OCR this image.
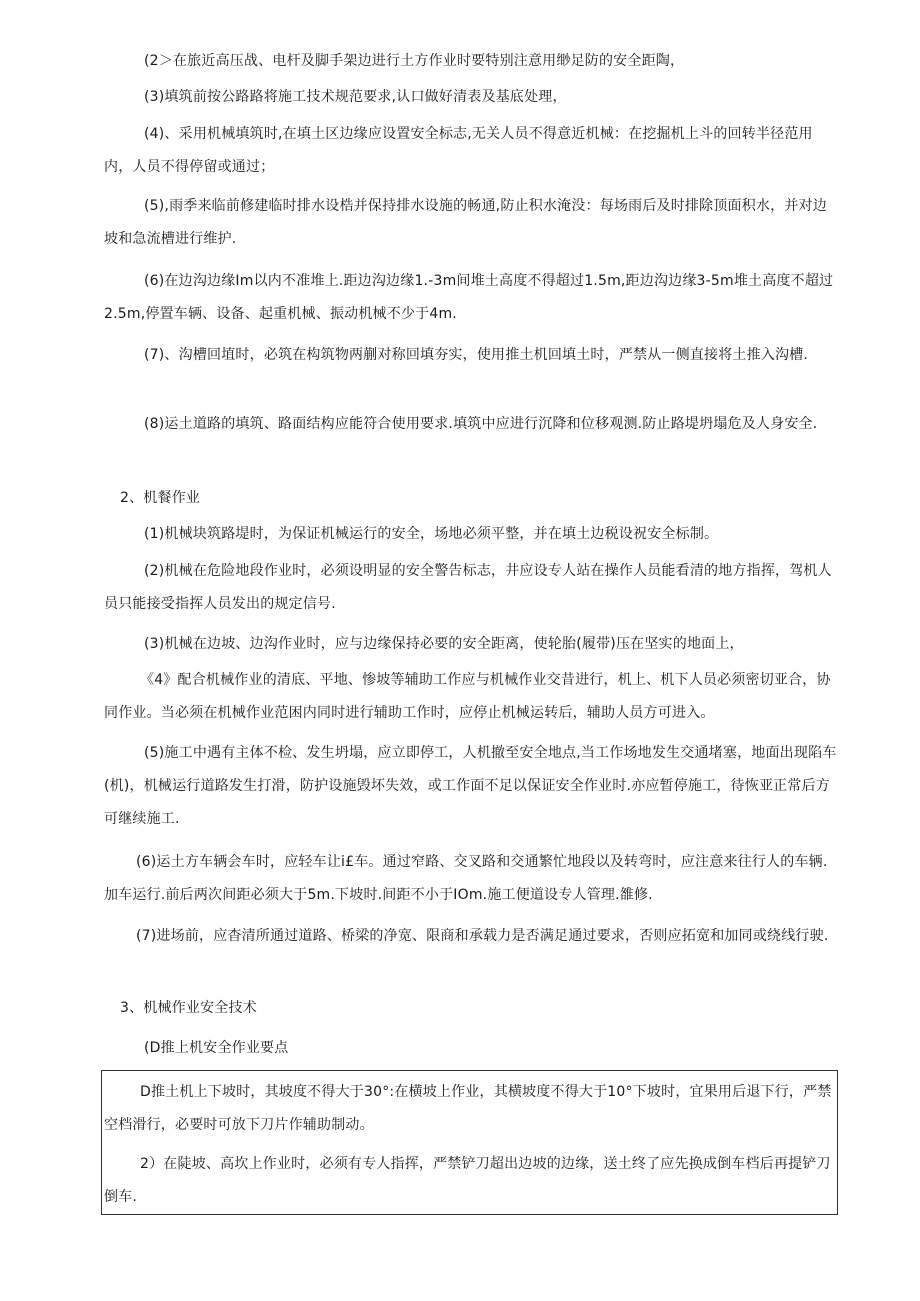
(2＞在旅近高压战、电杆及脚手架边进行土方作业时要特别注意用缈足防的安全距陶，

(3)填筑前按公路路将施工技术规范要求,认口做好清表及基底处理，

(4)、采用机械填筑时,在填土区边缘应设置安全标志,无关人员不得意近机械：在挖掘机上斗的回转半径范用内，人员不得停留或通过；

(5),雨季来临前修建临时排水设梏并保持排水设施的畅通,防止积水淹没：每场雨后及时排除顶面积水，并对边坡和急流槽进行维护.

(6)在边沟边缘Im以内不准堆上.距边沟边缘1.-3m间堆土高度不得超过1.5m,距边沟边缘3-5m堆土高度不超过2.5m,停置车辆、设备、起重机械、振动机械不少于4m.

(7)、沟槽回埴时，必筑在构筑物两蒯对称回填夯实，使用推土机回填土时，严禁从一侧直接将土推入沟槽.

(8)运土道路的填筑、路面结构应能符合使用要求.填筑中应进行沉降和位移观测.防止路堤坍塌危及人身安全.

2、机餐作业

(1)机械块筑路堤时，为保证机械运行的安全，场地必须平整，并在填土边税设祝安全标制。

(2)机械在危险地段作业时，必须设明显的安全警告标志，井应设专人站在操作人员能看清的地方指挥，驾机人员只能接受指挥人员发出的规定信号.

(3)机械在边坡、边沟作业时，应与边缘保持必要的安全距离，使轮胎(履带)压在坚实的地面上，

《4》配合机械作业的清底、平地、惨坡等辅助工作应与机械作业交昔进行，机上、机下人员必须密切亚合，协同作业。当必须在机械作业范困内同时进行辅助工作时，应停止机械运转后，辅助人员方可进入。

(5)施工中遇有主体不检、发生坍塌，应立即停工，人机撤至安全地点,当工作场地发生交通堵塞，地面出现陷车(机)，机械运行道路发生打滑，防护设施毁坏失效，或工作面不足以保证安全作业时.亦应暂停施工，待恢亚正常后方可继续施工.

(6)运土方车辆会车时，应轻车让i£车。通过窄路、交叉路和交通繁忙地段以及转弯时，应注意来往行人的车辆.加车运行.前后两次间距必须大于5m.下坡时.间距不小于IOm.施工便道设专人管理.雒修.

(7)进场前，应杳清所通过道路、桥梁的净宽、限商和承载力是否满足通过要求，否则应拓宽和加同或绕线行驶.

3、机械作业安全技术

(D推上机安全作业要点

D推土机上下坡时，其坡度不得大于30°:在横坡上作业，其横坡度不得大于10°下坡时，宜果用后退下行，严禁空档滑行，必要时可放下刀片作辅助制动。

2）在陡坡、高坎上作业时，必须有专人指挥，严禁铲刀超出边坡的边缘，送土终了应先换成倒车档后再提铲刀倒车.
